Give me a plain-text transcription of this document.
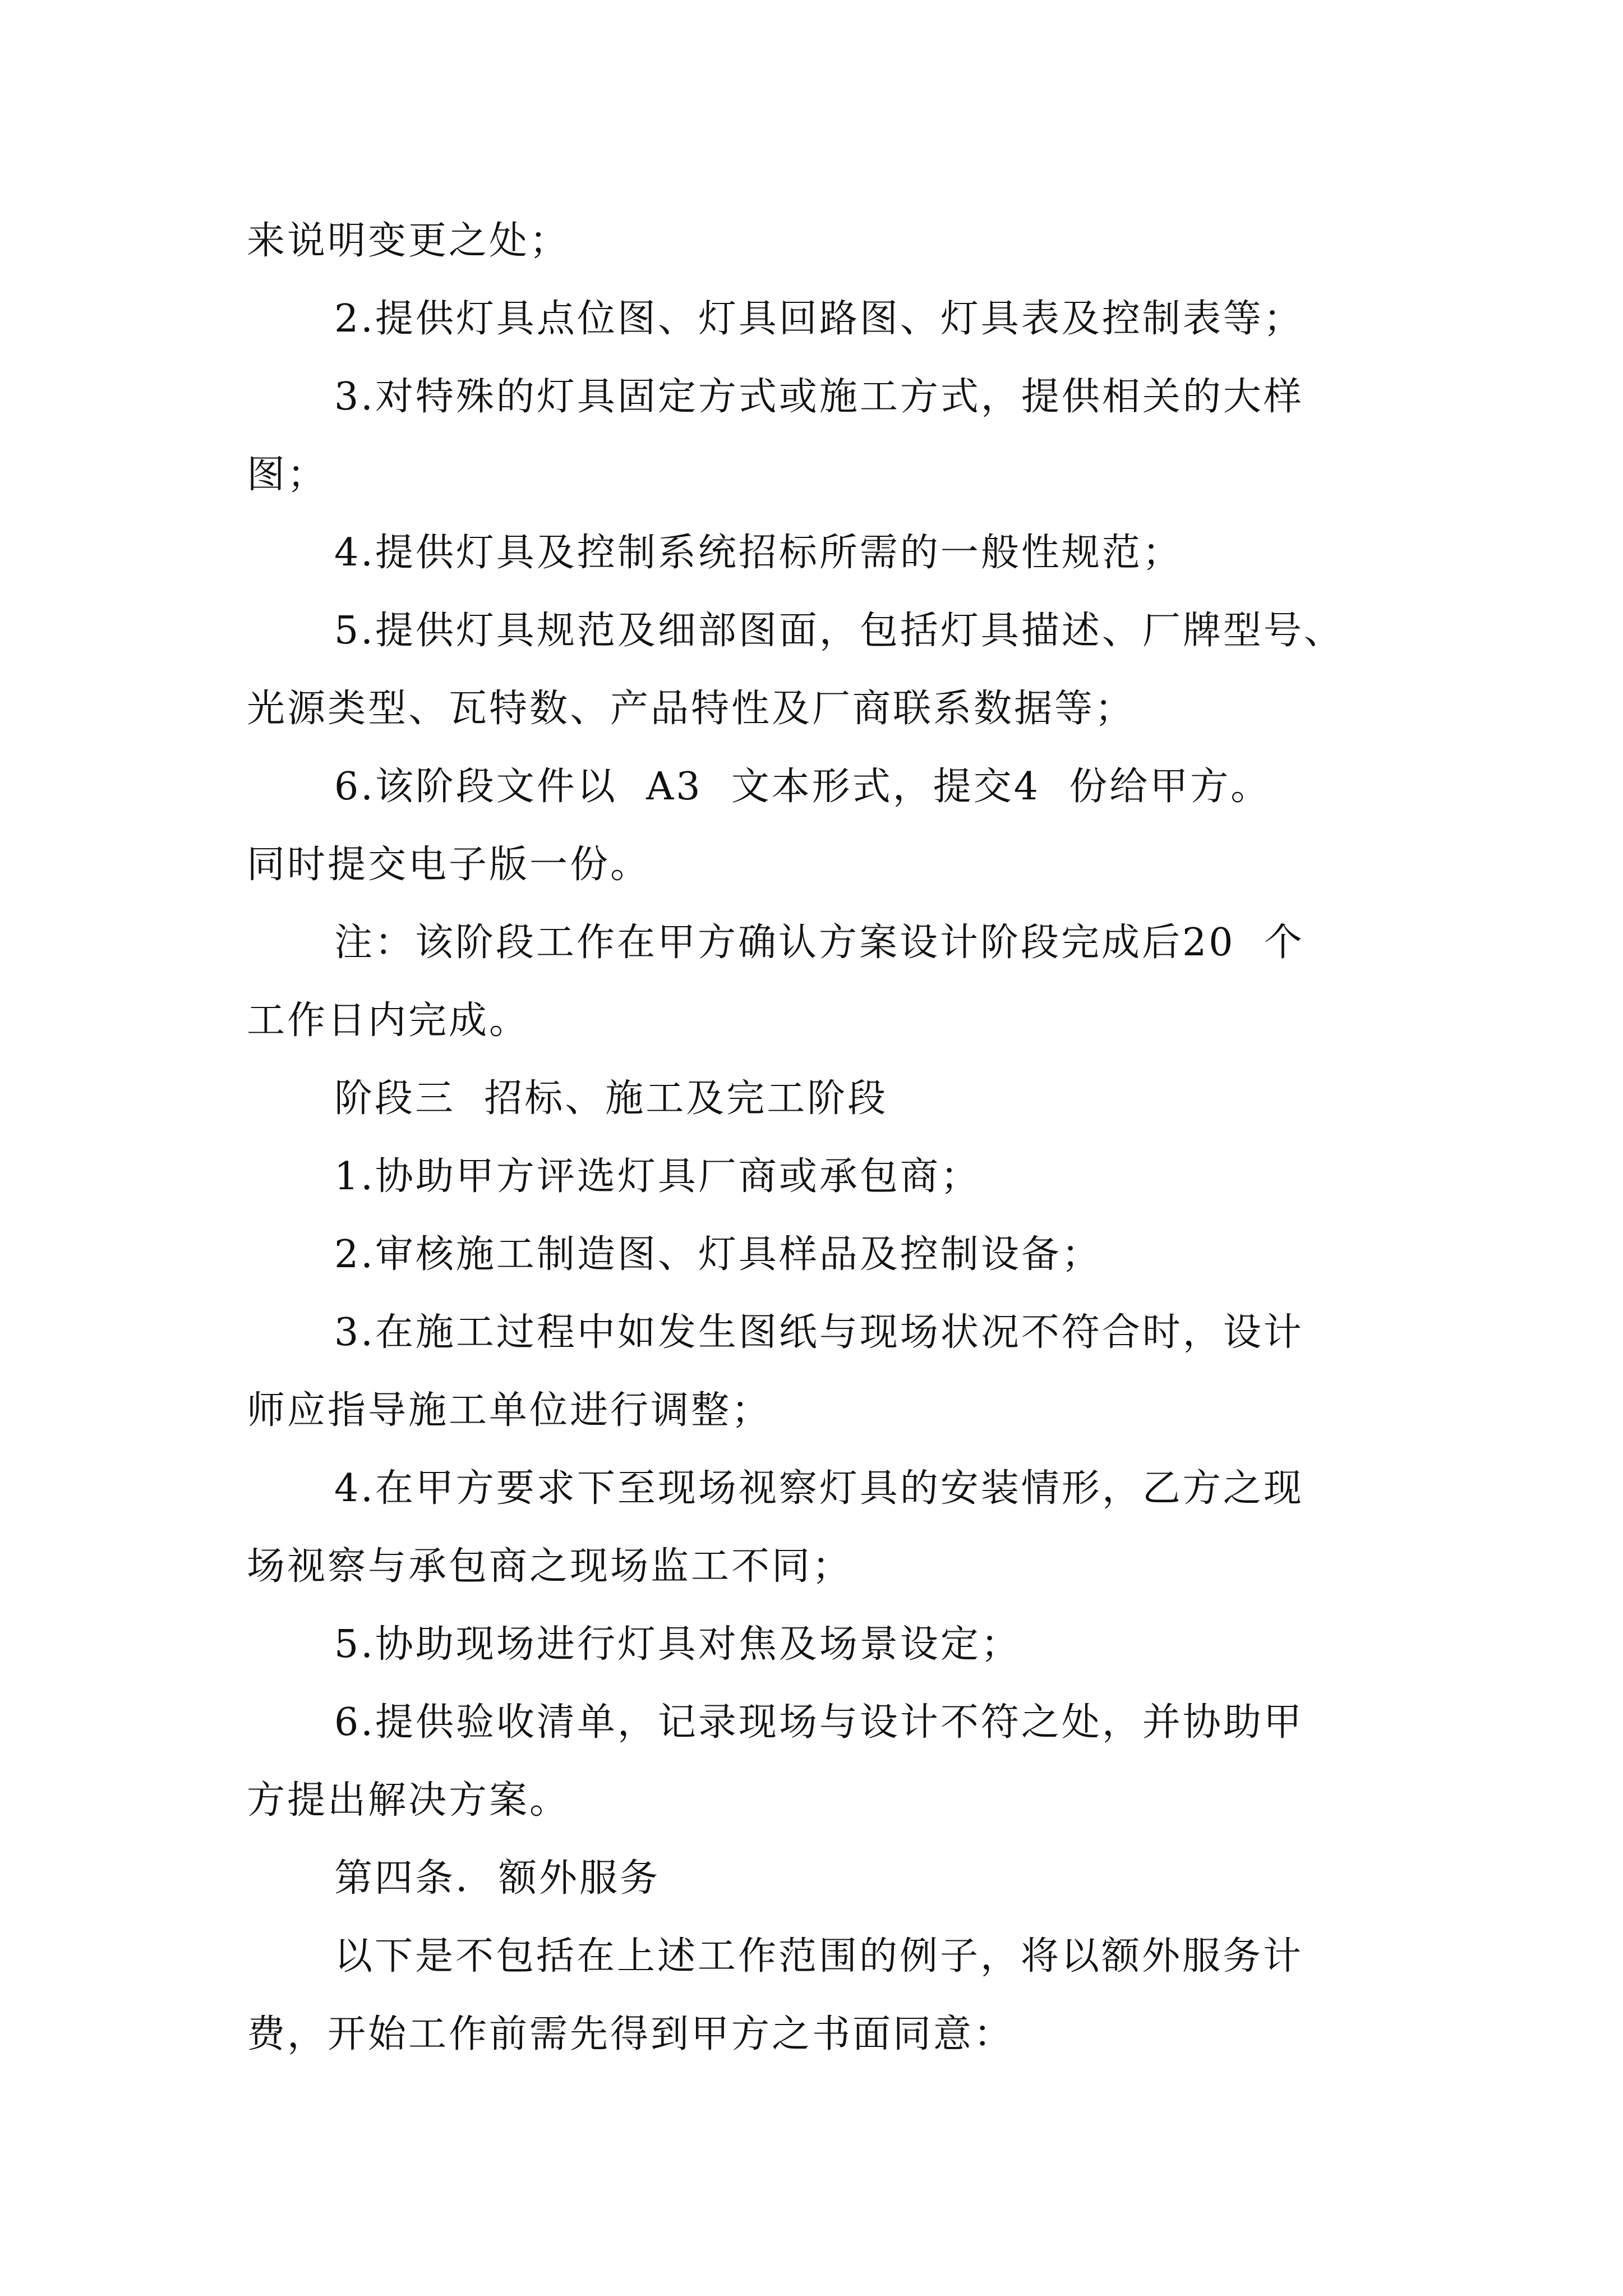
来说明变更之处；
2.提供灯具点位图、灯具回路图、灯具表及控制表等；
3.对特殊的灯具固定方式或施工方式，提供相关的大样
图；
4.提供灯具及控制系统招标所需的一般性规范；
5.提供灯具规范及细部图面，包括灯具描述、厂牌型号、
光源类型、瓦特数、产品特性及厂商联系数据等；
6.该阶段文件以  A3  文本形式，提交4  份给甲方。
同时提交电子版一份。
注：该阶段工作在甲方确认方案设计阶段完成后20  个
工作日内完成。
阶段三  招标、施工及完工阶段
1.协助甲方评选灯具厂商或承包商；
2.审核施工制造图、灯具样品及控制设备；
3.在施工过程中如发生图纸与现场状况不符合时，设计
师应指导施工单位进行调整；
4.在甲方要求下至现场视察灯具的安装情形，乙方之现
场视察与承包商之现场监工不同；
5.协助现场进行灯具对焦及场景设定；
6.提供验收清单，记录现场与设计不符之处，并协助甲
方提出解决方案。
第四条.  额外服务
以下是不包括在上述工作范围的例子，将以额外服务计
费，开始工作前需先得到甲方之书面同意：
